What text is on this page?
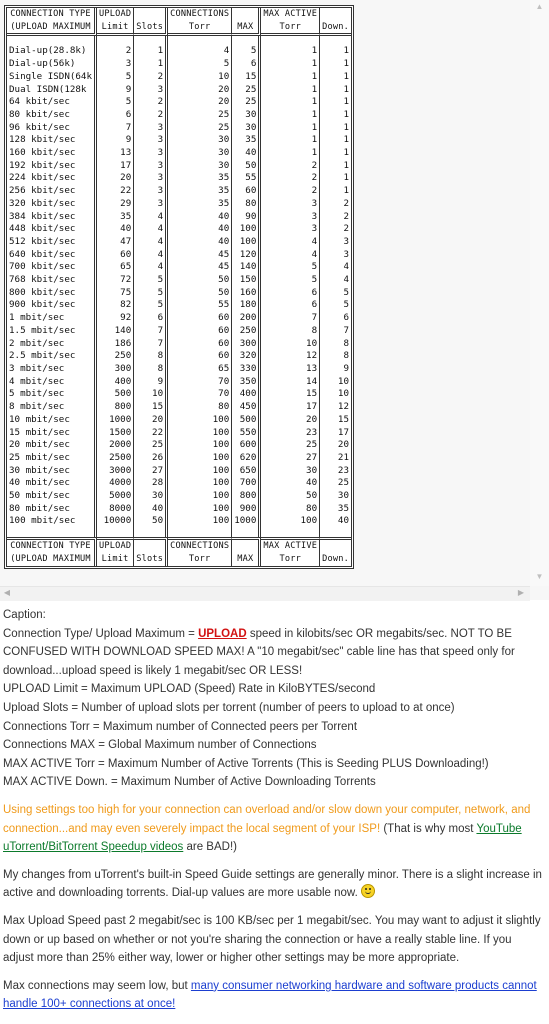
CONNECTION TYPE	UPLOAD		CONNECTIONS		MAX ACTIVE	
(UPLOAD MAXIMUM	Limit	Slots	Torr	MAX	Torr	Down.

Dial-up(28.8k)	2	1	4	5	1	1
Dial-up(56k)	3	1	5	6	1	1
Single ISDN(64k	5	2	10	15	1	1
Dual ISDN(128k	9	3	20	25	1	1
64 kbit/sec	5	2	20	25	1	1
80 kbit/sec	6	2	25	30	1	1
96 kbit/sec	7	3	25	30	1	1
128 kbit/sec	9	3	30	35	1	1
160 kbit/sec	13	3	30	40	1	1
192 kbit/sec	17	3	30	50	2	1
224 kbit/sec	20	3	35	55	2	1
256 kbit/sec	22	3	35	60	2	1
320 kbit/sec	29	3	35	80	3	2
384 kbit/sec	35	4	40	90	3	2
448 kbit/sec	40	4	40	100	3	2
512 kbit/sec	47	4	40	100	4	3
640 kbit/sec	60	4	45	120	4	3
700 kbit/sec	65	4	45	140	5	4
768 kbit/sec	72	5	50	150	5	4
800 kbit/sec	75	5	50	160	6	5
900 kbit/sec	82	5	55	180	6	5
1 mbit/sec	92	6	60	200	7	6
1.5 mbit/sec	140	7	60	250	8	7
2 mbit/sec	186	7	60	300	10	8
2.5 mbit/sec	250	8	60	320	12	8
3 mbit/sec	300	8	65	330	13	9
4 mbit/sec	400	9	70	350	14	10
5 mbit/sec	500	10	70	400	15	10
8 mbit/sec	800	15	80	450	17	12
10 mbit/sec	1000	20	100	500	20	15
15 mbit/sec	1500	22	100	550	23	17
20 mbit/sec	2000	25	100	600	25	20
25 mbit/sec	2500	26	100	620	27	21
30 mbit/sec	3000	27	100	650	30	23
40 mbit/sec	4000	28	100	700	40	25
50 mbit/sec	5000	30	100	800	50	30
80 mbit/sec	8000	40	100	900	80	35
100 mbit/sec	10000	50	100	1000	100	40

CONNECTION TYPE	UPLOAD		CONNECTIONS		MAX ACTIVE	
(UPLOAD MAXIMUM	Limit	Slots	Torr	MAX	Torr	Down.
▲
▼
◀	▶

Caption:

Connection Type/ Upload Maximum = UPLOAD speed in kilobits/sec OR megabits/sec. NOT TO BE CONFUSED WITH DOWNLOAD SPEED MAX! A "10 megabit/sec" cable line has that speed only for download...upload speed is likely 1 megabit/sec OR LESS!

UPLOAD Limit = Maximum UPLOAD (Speed) Rate in KiloBYTES/second

Upload Slots = Number of upload slots per torrent (number of peers to upload to at once)

Connections Torr = Maximum number of Connected peers per Torrent

Connections MAX = Global Maximum number of Connections

MAX ACTIVE Torr = Maximum Number of Active Torrents (This is Seeding PLUS Downloading!)

MAX ACTIVE Down. = Maximum Number of Active Downloading Torrents

Using settings too high for your connection can overload and/or slow down your computer, network, and connection...and may even severely impact the local segment of your ISP! (That is why most YouTube uTorrent/BitTorrent Speedup videos are BAD!)

My changes from uTorrent's built-in Speed Guide settings are generally minor. There is a slight increase in active and downloading torrents. Dial-up values are more usable now.

Max Upload Speed past 2 megabit/sec is 100 KB/sec per 1 megabit/sec. You may want to adjust it slightly down or up based on whether or not you're sharing the connection or have a really stable line. If you adjust more than 25% either way, lower or higher other settings may be more appropriate.

Max connections may seem low, but many consumer networking hardware and software products cannot handle 100+ connections at once!
